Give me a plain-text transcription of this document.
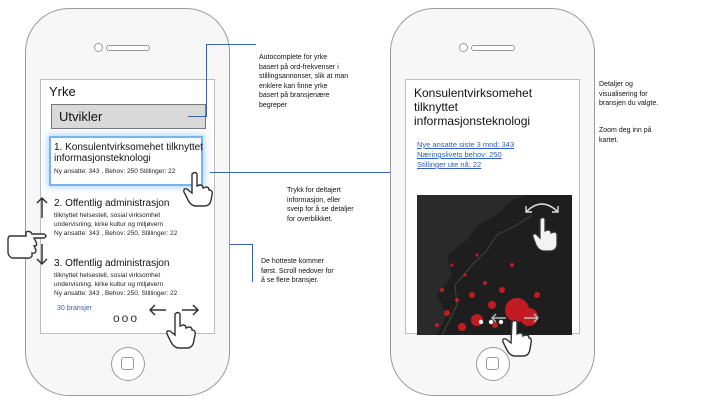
Yrke
Utvikler
1. Konsulentvirksomehet tilknyttet informasjonsteknologi
Ny ansatte: 343 , Behov: 250 Stillinger: 22
2. Offentlig administrasjon
tilknyttet helsestell, sosial virksomhet
undervisning, kirke kultur og miljøvern
Ny ansatte: 343 , Behov: 250, Stillinger: 22
3. Offentlig administrasjon
tilknyttet helsestell, sosial virksomhet
undervisning, kirke kultur og miljøvern
Ny ansatte: 343 , Behov: 250, Stillinger: 22
30 bransjer
ooo
Autocomplete for yrke
basert på ord-frekvenser i
stillingsannonser, slik at man
enklere kan finne yrke
basert på bransjenære
begreper
Trykk for deltajert
informasjon, eller
sveip for å se detaljer
for overblikket.
De hotteste kommer
først. Scroll nedover for
å se flere bransjer.
Detaljer og
visualisering for
bransjen du valgte.
Zoom deg inn på
kartet.
Konsulentvirksomehet
tilknyttet
informasjonsteknologi
Nye ansatte siste 3 mnd: 343
Næringslivets behov: 250
Stillinger ute nå: 22
